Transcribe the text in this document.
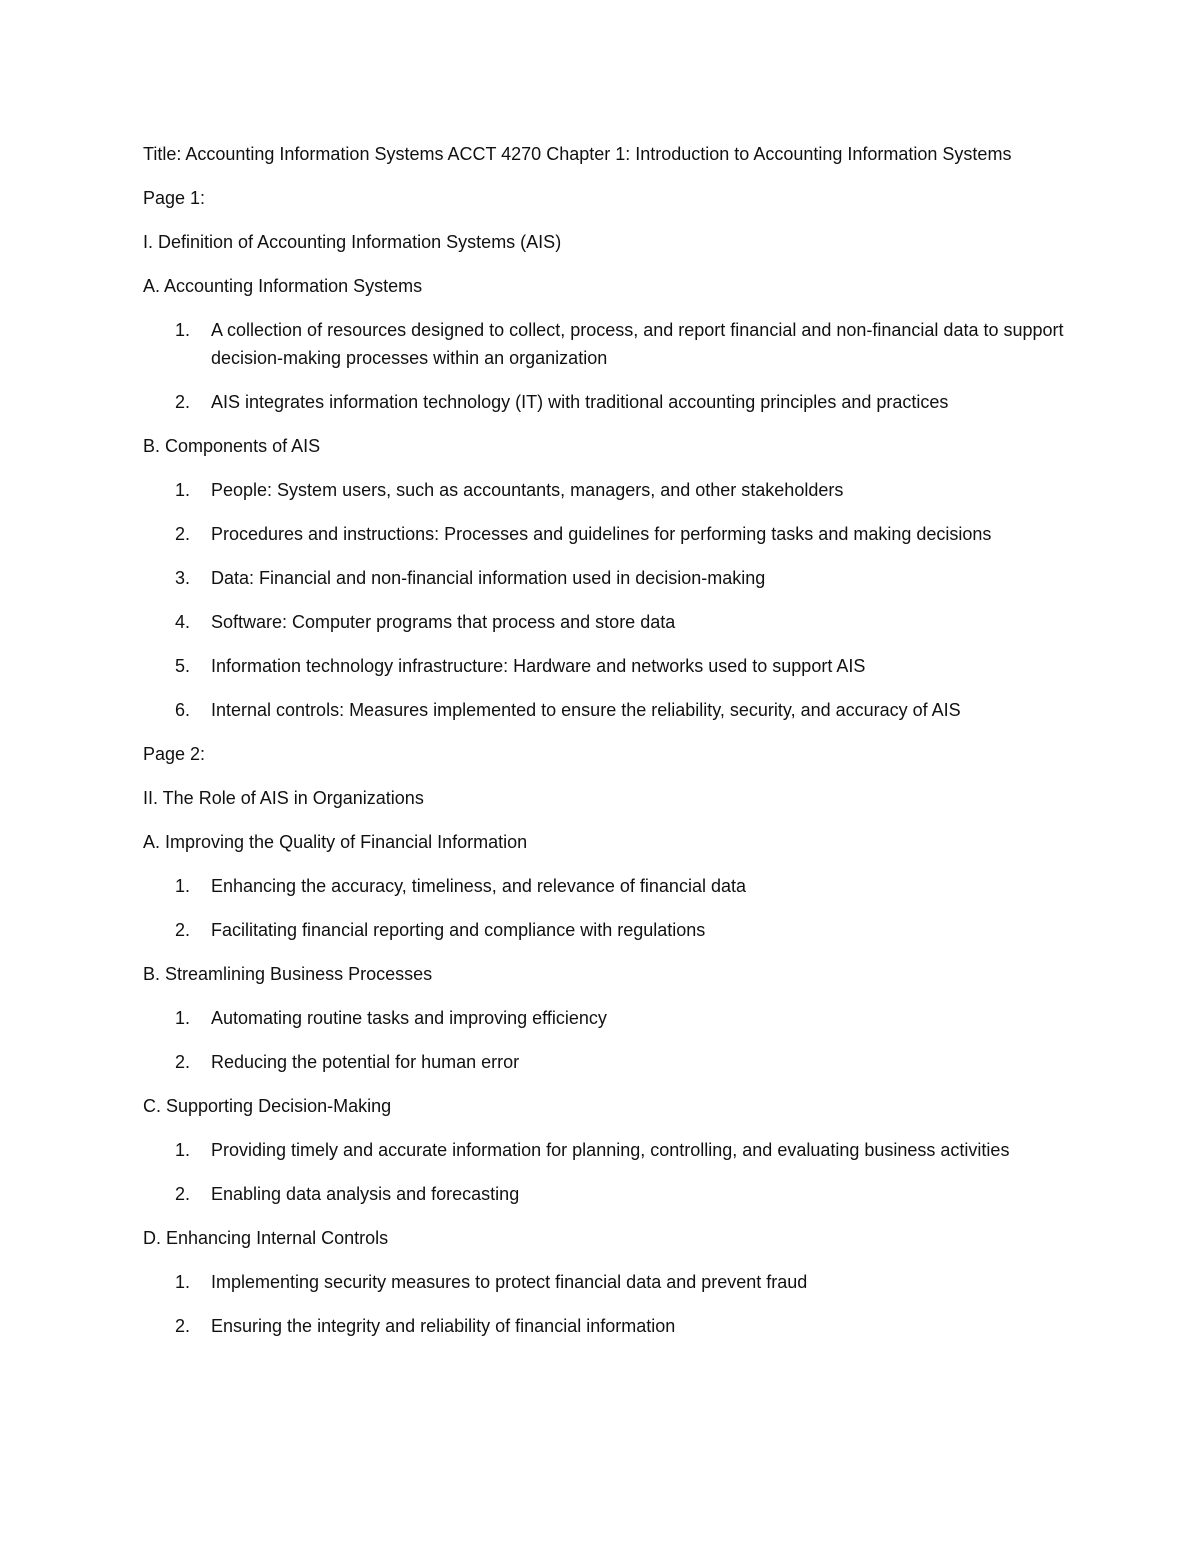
Title: Accounting Information Systems ACCT 4270 Chapter 1: Introduction to Accounting Information Systems

Page 1:

I. Definition of Accounting Information Systems (AIS)

A. Accounting Information Systems

1. A collection of resources designed to collect, process, and report financial and non-financial data to support decision-making processes within an organization
2. AIS integrates information technology (IT) with traditional accounting principles and practices

B. Components of AIS

1. People: System users, such as accountants, managers, and other stakeholders
2. Procedures and instructions: Processes and guidelines for performing tasks and making decisions
3. Data: Financial and non-financial information used in decision-making
4. Software: Computer programs that process and store data
5. Information technology infrastructure: Hardware and networks used to support AIS
6. Internal controls: Measures implemented to ensure the reliability, security, and accuracy of AIS

Page 2:

II. The Role of AIS in Organizations

A. Improving the Quality of Financial Information

1. Enhancing the accuracy, timeliness, and relevance of financial data
2. Facilitating financial reporting and compliance with regulations

B. Streamlining Business Processes

1. Automating routine tasks and improving efficiency
2. Reducing the potential for human error

C. Supporting Decision-Making

1. Providing timely and accurate information for planning, controlling, and evaluating business activities
2. Enabling data analysis and forecasting

D. Enhancing Internal Controls

1. Implementing security measures to protect financial data and prevent fraud
2. Ensuring the integrity and reliability of financial information
